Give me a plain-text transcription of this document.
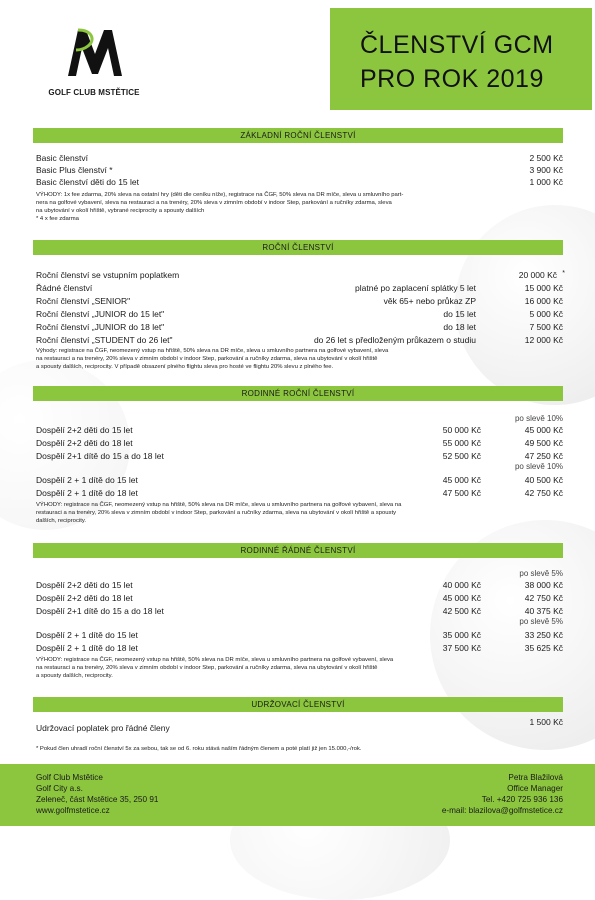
GOLF CLUB MSTĚTICE
ČLENSTVÍ GCM
PRO ROK 2019
ZÁKLADNÍ ROČNÍ ČLENSTVÍ
Basic členství	2 500 Kč
Basic Plus členství *	3 900 Kč
Basic členství děti do 15 let	1 000 Kč
VÝHODY: 1x fee zdarma, 20% sleva na ostatní hry (děti dle ceníku níže), registrace na ČGF, 50% sleva na DR míče, sleva u smluvního part-
nera na golfové vybavení, sleva na restauraci a na trenéry, 20% sleva v zimním období v indoor Step, parkování a ručníky zdarma, sleva
na ubytování v okolí hřiště, vybrané reciprocity a spousty dalších
* 4 x fee zdarma
ROČNÍ ČLENSTVÍ
Roční členství se vstupním poplatkem	20 000 Kč *
Řádné členství	platné po zaplacení splátky 5 let	15 000 Kč
Roční členství „SENIOR"	věk 65+ nebo průkaz ZP	16 000 Kč
Roční členství „JUNIOR do 15 let"	do 15 let	5 000 Kč
Roční členství „JUNIOR do 18 let"	do 18 let	7 500 Kč
Roční členství „STUDENT do 26 let"	do 26 let s předloženým průkazem o studiu	12 000 Kč
Výhody: registrace na ČGF, neomezený vstup na hřiště, 50% sleva na DR míče, sleva u smluvního partnera na golfové vybavení, sleva
na restauraci a na trenéry, 20% sleva v zimním období v indoor Step, parkování a ručníky zdarma, sleva na ubytování v okolí hřiště
a spousty dalších, reciprocity. V případě obsazení plného flightu sleva pro hosté ve flightu 20% slevu z plného fee.
RODINNÉ ROČNÍ ČLENSTVÍ
po slevě 10%
Dospělí 2+2 děti do 15 let	50 000 Kč	45 000 Kč
Dospělí 2+2 děti do 18 let	55 000 Kč	49 500 Kč
Dospělí 2+1 dítě do 15 a do 18 let	52 500 Kč	47 250 Kč
po slevě 10%
Dospělí 2 + 1 dítě do 15 let	45 000 Kč	40 500 Kč
Dospělí 2 + 1 dítě do 18 let	47 500 Kč	42 750 Kč
VÝHODY: registrace na ČGF, neomezený vstup na hřiště, 50% sleva na DR míče, sleva u smluvního partnera na golfové vybavení, sleva na
restauraci a na trenéry, 20% sleva v zimním období v indoor Step, parkování a ručníky zdarma, sleva na ubytování v okolí hřiště a spousty
dalších, reciprocity.
RODINNÉ ŘÁDNÉ ČLENSTVÍ
po slevě 5%
Dospělí 2+2 děti do 15 let	40 000 Kč	38 000 Kč
Dospělí 2+2 děti do 18 let	45 000 Kč	42 750 Kč
Dospělí 2+1 dítě do 15 a do 18 let	42 500 Kč	40 375 Kč
po slevě 5%
Dospělí 2 + 1 dítě do 15 let	35 000 Kč	33 250 Kč
Dospělí 2 + 1 dítě do 18 let	37 500 Kč	35 625 Kč
VÝHODY: registrace na ČGF, neomezený vstup na hřiště, 50% sleva na DR míče, sleva u smluvního partnera na golfové vybavení, sleva
na restauraci a na trenéry, 20% sleva v zimním období v indoor Step, parkování a ručníky zdarma, sleva na ubytování v okolí hřiště
a spousty dalších, reciprocity.
UDRŽOVACÍ ČLENSTVÍ
Udržovací poplatek pro řádné členy
1 500 Kč
* Pokud člen uhradí roční členství 5x za sebou, tak se od 6. roku stává naším řádným členem a poté platí již jen 15.000,-/rok.
Golf Club Mstětice
Golf City a.s.
Zeleneč, část Mstětice 35, 250 91
www.golfmstetice.cz
Petra Blažilová
Office Manager
Tel. +420 725 936 136
e-mail: blazilova@golfmstetice.cz
